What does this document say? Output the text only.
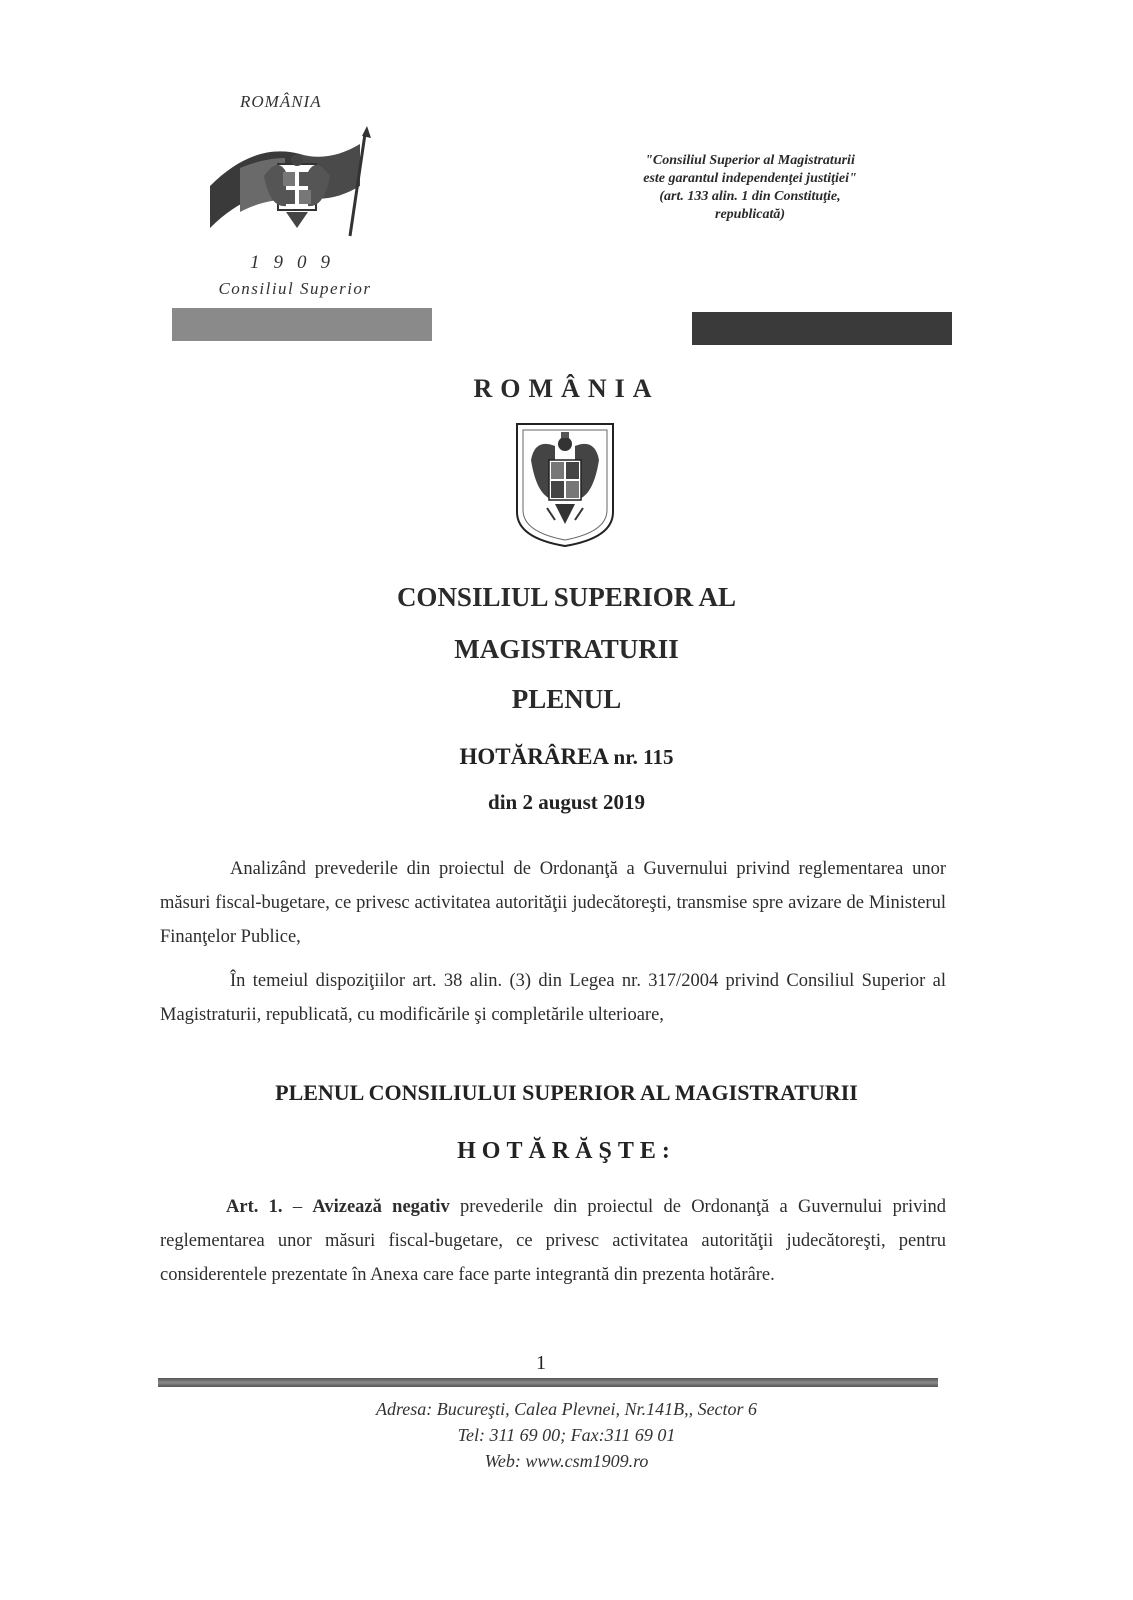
ROMÂNIA
1909
Consiliul Superior
"Consiliul Superior al Magistraturii
este garantul independenţei justiţiei"
(art. 133 alin. 1 din Constituţie,
republicată)
ROMÂNIA
CONSILIUL SUPERIOR AL
MAGISTRATURII
PLENUL
HOTĂRÂREA nr. 115
din 2 august 2019
Analizând prevederile din proiectul de Ordonanţă a Guvernului privind reglementarea unor măsuri fiscal-bugetare, ce privesc activitatea autorităţii judecătoreşti, transmise spre avizare de Ministerul Finanţelor Publice,
În temeiul dispoziţiilor art. 38 alin. (3) din Legea nr. 317/2004 privind Consiliul Superior al Magistraturii, republicată, cu modificările şi completările ulterioare,
PLENUL CONSILIULUI SUPERIOR AL MAGISTRATURII
HOTĂRĂŞTE:
Art. 1. – Avizează negativ prevederile din proiectul de Ordonanţă a Guvernului privind reglementarea unor măsuri fiscal-bugetare, ce privesc activitatea autorităţii judecătoreşti, pentru considerentele prezentate în Anexa care face parte integrantă din prezenta hotărâre.
1
Adresa: Bucureşti, Calea Plevnei, Nr.141B,, Sector 6
Tel: 311 69 00; Fax:311 69 01
Web: www.csm1909.ro
